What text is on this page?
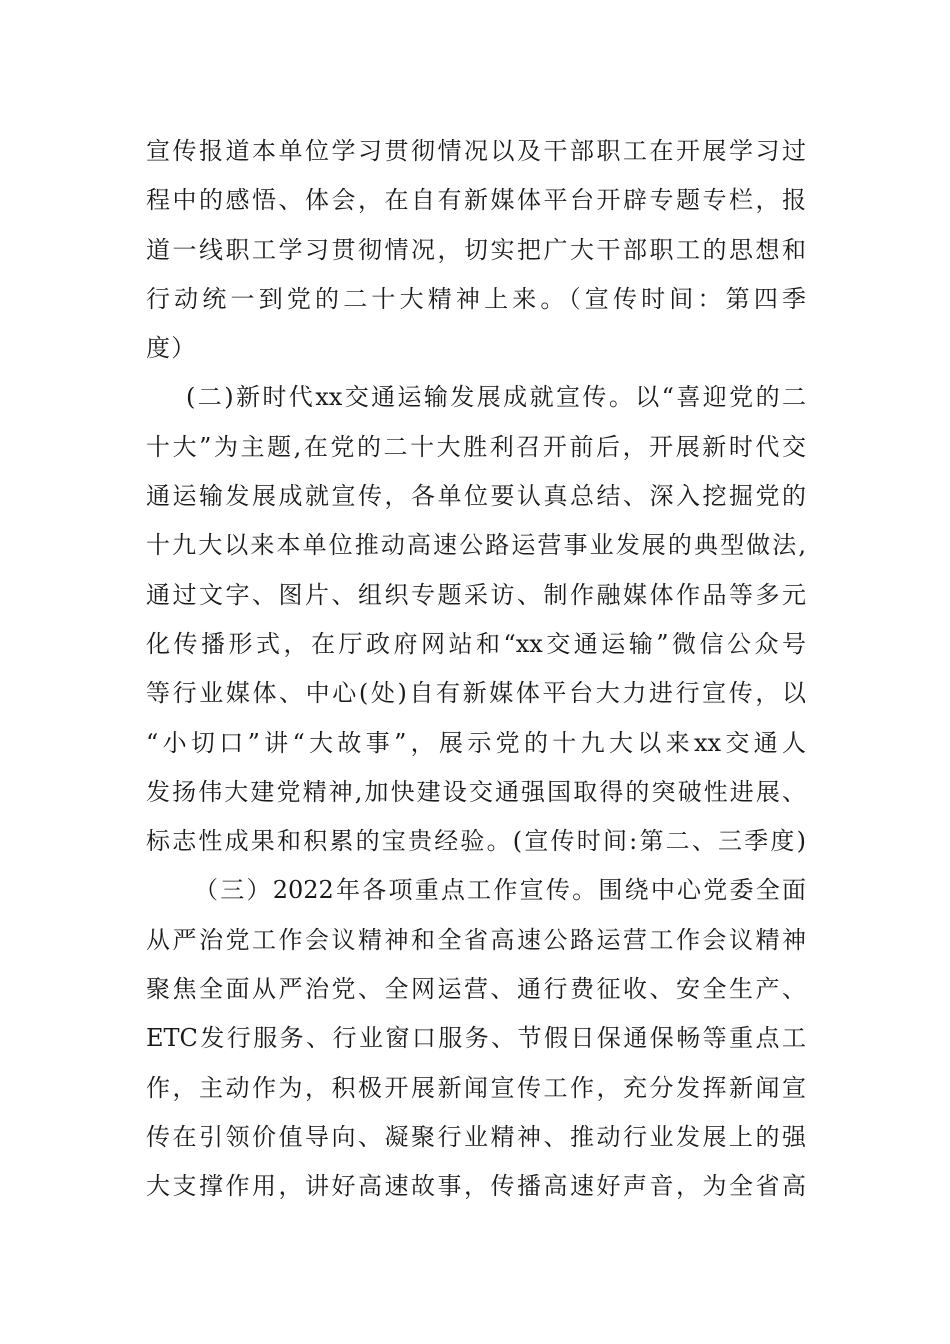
宣传报道本单位学习贯彻情况以及干部职工在开展学习过
程中的感悟、体会，在自有新媒体平台开辟专题专栏，报
道一线职工学习贯彻情况，切实把广大干部职工的思想和
行动统一到党的二十大精神上来。（宣传时间：第四季
度）
(二)新时代xx交通运输发展成就宣传。以“喜迎党的二
十大”为主题,在党的二十大胜利召开前后，开展新时代交
通运输发展成就宣传，各单位要认真总结、深入挖掘党的
十九大以来本单位推动高速公路运营事业发展的典型做法,
通过文字、图片、组织专题采访、制作融媒体作品等多元
化传播形式，在厅政府网站和“xx交通运输”微信公众号
等行业媒体、中心(处)自有新媒体平台大力进行宣传，以
“小切口”讲“大故事”，展示党的十九大以来xx交通人
发扬伟大建党精神,加快建设交通强国取得的突破性进展、
标志性成果和积累的宝贵经验。(宣传时间:第二、三季度)
（三）2022年各项重点工作宣传。围绕中心党委全面
从严治党工作会议精神和全省高速公路运营工作会议精神
聚焦全面从严治党、全网运营、通行费征收、安全生产、
ETC发行服务、行业窗口服务、节假日保通保畅等重点工
作，主动作为，积极开展新闻宣传工作，充分发挥新闻宣
传在引领价值导向、凝聚行业精神、推动行业发展上的强
大支撑作用，讲好高速故事，传播高速好声音，为全省高
